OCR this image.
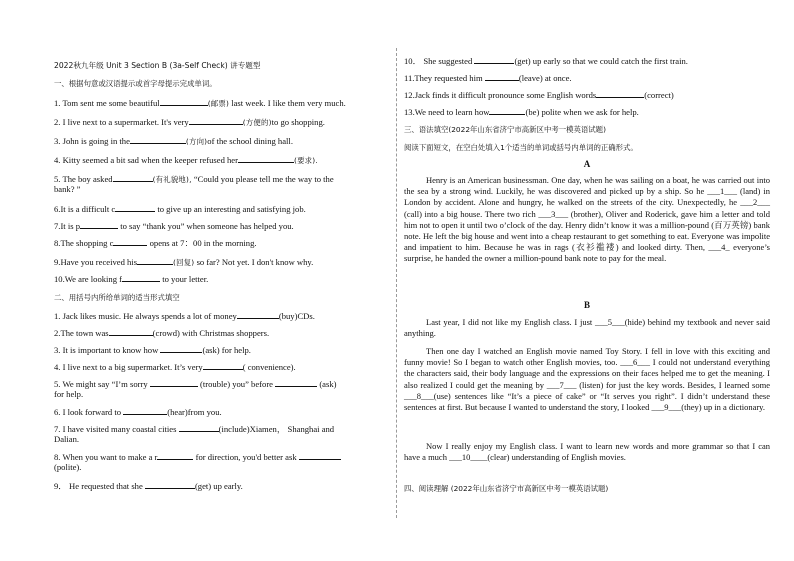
2022秋九年级 Unit 3 Section B (3a-Self Check) 讲专题型
一、根据句意或汉语提示或首字母提示完成单词。
1. Tom sent me some beautiful	(邮票) last week. I like them very much.
2. I live next to a supermarket. It's very	(方便的)to go shopping.
3. John is going in the	(方向)of the school dining hall.
4. Kitty seemed a bit sad when the keeper refused her	(要求).
5. The boy asked	(有礼貌地), “Could you please tell me the way to the
bank? ”
6.It is a difficult c	to give up an interesting and satisfying job.
7.It is p	to say “thank you” when someone has helped you.
8.The shopping c	opens at 7：00 in the morning.
9.Have you received his	(回复) so far? Not yet. I don't know why.
10.We are looking f	to your letter.
二、用括号内所给单词的适当形式填空
1. Jack likes music. He always spends a lot of money	(buy)CDs.
2.The town was	(crowd) with Christmas shoppers.
3. It is important to know how	(ask) for help.
4. I live next to a big supermarket. It’s very	( convenience).
5. We might say “I’m sorry	(trouble) you” before	(ask)
for help.
6. I look forward to	(hear)from you.
7. I have visited many coastal cities	(include)Xiamen， Shanghai and
Dalian.
8. When you want to make a r	for direction, you'd better ask
(polite).
9． He requested that she	(get) up early.
10． She suggested	(get) up early so that we could catch the first train.
11.They requested him	(leave) at once.
12.Jack finds it difficult pronounce some English words	(correct)
13.We need to learn how	(be) polite when we ask for help.
三、语法填空(2022年山东省济宁市高新区中考一模英语试题)
阅读下面短文，在空白处填入1个适当的单词或括号内单词的正确形式。
A
Henry is an American businessman. One day, when he was sailing on a boat, he was carried out into the sea by a strong wind. Luckily, he was discovered and picked up by a ship. So he ___1___ (land) in London by accident. Alone and hungry, he walked on the streets of the city. Unexpectedly, he ___2___ (call) into a big house. There two rich ___3___ (brother), Oliver and Roderick, gave him a letter and told him not to open it until two o’clock of the day. Henry didn’t know it was a million-pound (百万英镑) bank note. He left the big house and went into a cheap restaurant to get something to eat. Everyone was impolite and impatient to him. Because he was in rags (衣衫褴褛) and looked dirty. Then, ___4_ everyone’s surprise, he handed the owner a million-pound bank note to pay for the meal.
B
Last year, I did not like my English class. I just ___5___(hide) behind my textbook and never said anything.
Then one day I watched an English movie named Toy Story. I fell in love with this exciting and funny movie! So I began to watch other English movies, too. ___6___ I could not understand everything the characters said, their body language and the expressions on their faces helped me to get the meaning. I also realized I could get the meaning by ___7___ (listen) for just the key words. Besides, I learned some ___8___(use) sentences like “It’s a piece of cake” or “It serves you right”. I didn’t understand these sentences at first. But because I wanted to understand the story, I looked ___9___(they) up in a dictionary.
Now I really enjoy my English class. I want to learn new words and more grammar so that I can have a much ___10____(clear) understanding of English movies.
四、阅读理解 (2022年山东省济宁市高新区中考一模英语试题)
